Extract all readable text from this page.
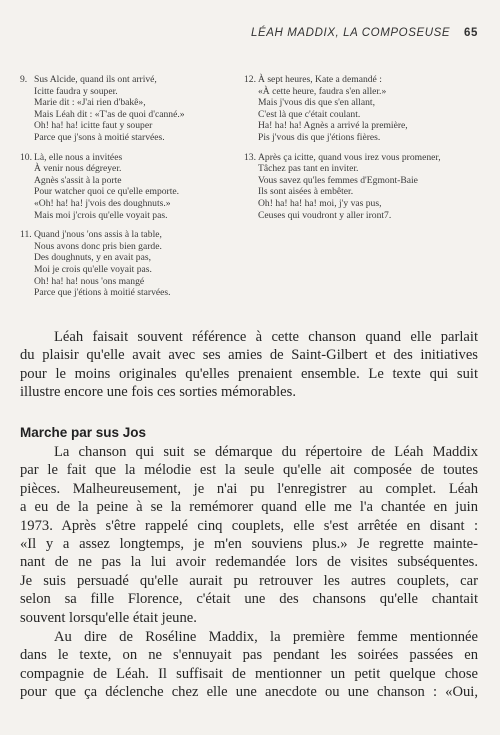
LÉAH MADDIX, LA COMPOSEUSE 65
9. Sus Alcide, quand ils ont arrivé,
Icitte faudra y souper.
Marie dit : «J'ai rien d'bakê»,
Mais Léah dit : «T'as de quoi d'canné.»
Oh! ha! ha! icitte faut y souper
Parce que j'sons à moitié starvées.
10. Là, elle nous a invitées
À venir nous dégreyer.
Agnès s'assit à la porte
Pour watcher quoi ce qu'elle emporte.
«Oh! ha! ha! j'vois des doughnuts.»
Mais moi j'crois qu'elle voyait pas.
11. Quand j'nous 'ons assis à la table,
Nous avons donc pris bien garde.
Des doughnuts, y en avait pas,
Moi je crois qu'elle voyait pas.
Oh! ha! ha! nous 'ons mangé
Parce que j'étions à moitié starvées.
12. À sept heures, Kate a demandé :
«À cette heure, faudra s'en aller.»
Mais j'vous dis que s'en allant,
C'est là que c'était coulant.
Ha! ha! ha! Agnès a arrivé la première,
Pis j'vous dis que j'étions fières.
13. Après ça icitte, quand vous irez vous promener,
Tâchez pas tant en inviter.
Vous savez qu'les femmes d'Egmont-Baie
Ils sont aisées à embêter.
Oh! ha! ha! ha! moi, j'y vas pus,
Ceuses qui voudront y aller iront7.
Léah faisait souvent référence à cette chanson quand elle parlait
du plaisir qu'elle avait avec ses amies de Saint-Gilbert et des initiatives
pour le moins originales qu'elles prenaient ensemble. Le texte qui suit
illustre encore une fois ces sorties mémorables.
Marche par sus Jos
La chanson qui suit se démarque du répertoire de Léah Maddix
par le fait que la mélodie est la seule qu'elle ait composée de toutes
pièces. Malheureusement, je n'ai pu l'enregistrer au complet. Léah
a eu de la peine à se la remémorer quand elle me l'a chantée en juin
1973. Après s'être rappelé cinq couplets, elle s'est arrêtée en disant :
«Il y a assez longtemps, je m'en souviens plus.» Je regrette mainte-
nant de ne pas la lui avoir redemandée lors de visites subséquentes.
Je suis persuadé qu'elle aurait pu retrouver les autres couplets, car
selon sa fille Florence, c'était une des chansons qu'elle chantait
souvent lorsqu'elle était jeune.
Au dire de Roséline Maddix, la première femme mentionnée
dans le texte, on ne s'ennuyait pas pendant les soirées passées en
compagnie de Léah. Il suffisait de mentionner un petit quelque chose
pour que ça déclenche chez elle une anecdote ou une chanson : «Oui,
